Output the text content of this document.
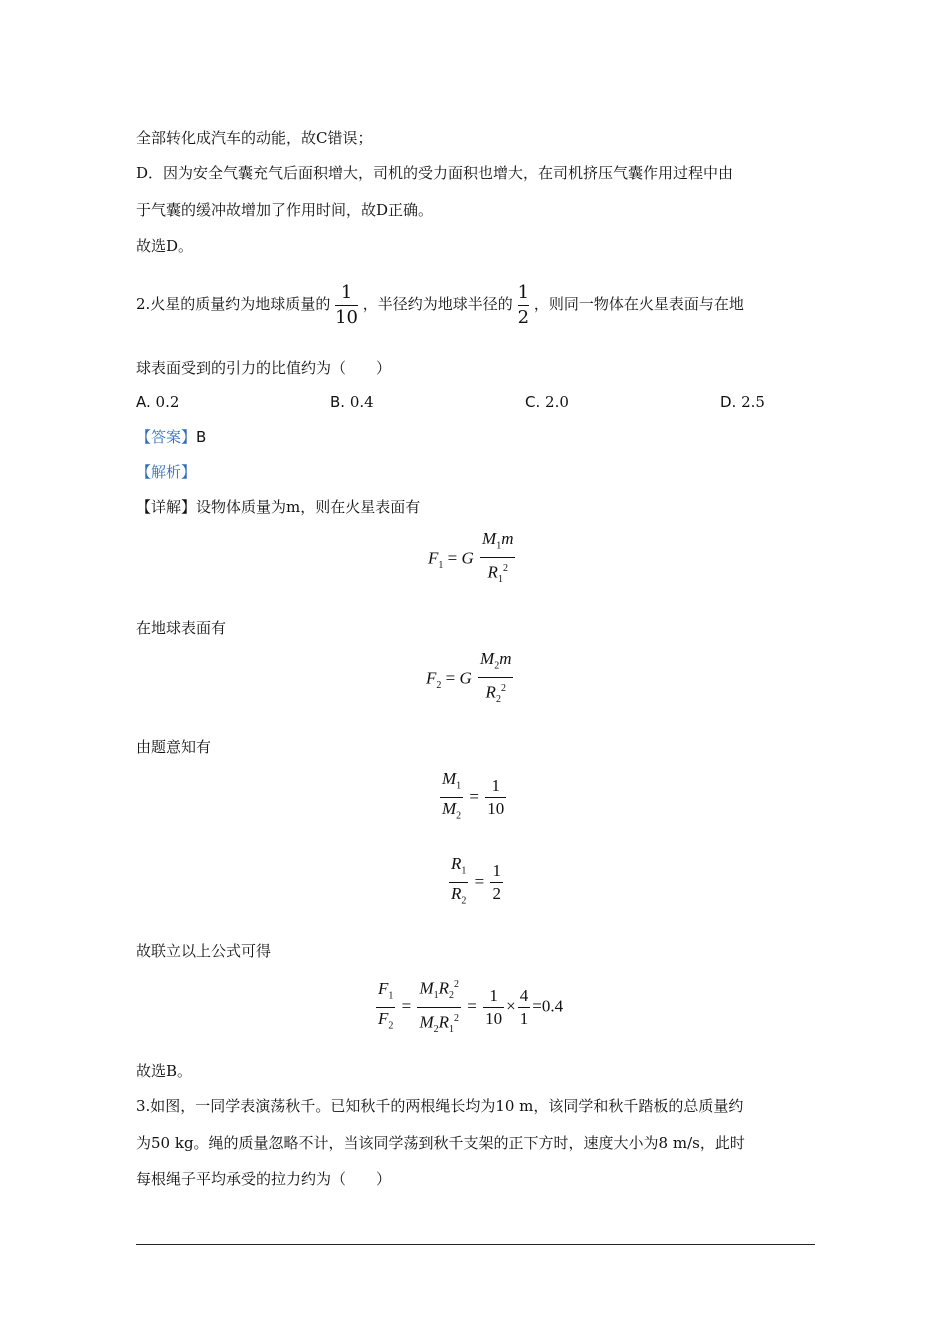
全部转化成汽车的动能，故C错误；
D．因为安全气囊充气后面积增大，司机的受力面积也增大，在司机挤压气囊作用过程中由
于气囊的缓冲故增加了作用时间，故D正确。
故选D。
2.火星的质量约为地球质量的 $\frac{1}{10}$ ，半径约为地球半径的 $\frac{1}{2}$ ，则同一物体在火星表面与在地
球表面受到的引力的比值约为（　　）
A. 0.2	B. 0.4	C. 2.0	D. 2.5
【答案】B
【解析】
【详解】设物体质量为m，则在火星表面有
$F_1 = G \frac{M_1m}{R_1^2}$
在地球表面有
$F_2 = G \frac{M_2m}{R_2^2}$
由题意知有
$\frac{M_1}{M_2} = \frac{1}{10}$
$\frac{R_1}{R_2} = \frac{1}{2}$
故联立以上公式可得
$\frac{F_1}{F_2} = \frac{M_1R_2^2}{M_2R_1^2} = \frac{1}{10} \times \frac{4}{1} =0.4$
故选B。
3.如图，一同学表演荡秋千。已知秋千的两根绳长均为10 m，该同学和秋千踏板的总质量约
为50 kg。绳的质量忽略不计，当该同学荡到秋千支架的正下方时，速度大小为8 m/s，此时
每根绳子平均承受的拉力约为（　　）
